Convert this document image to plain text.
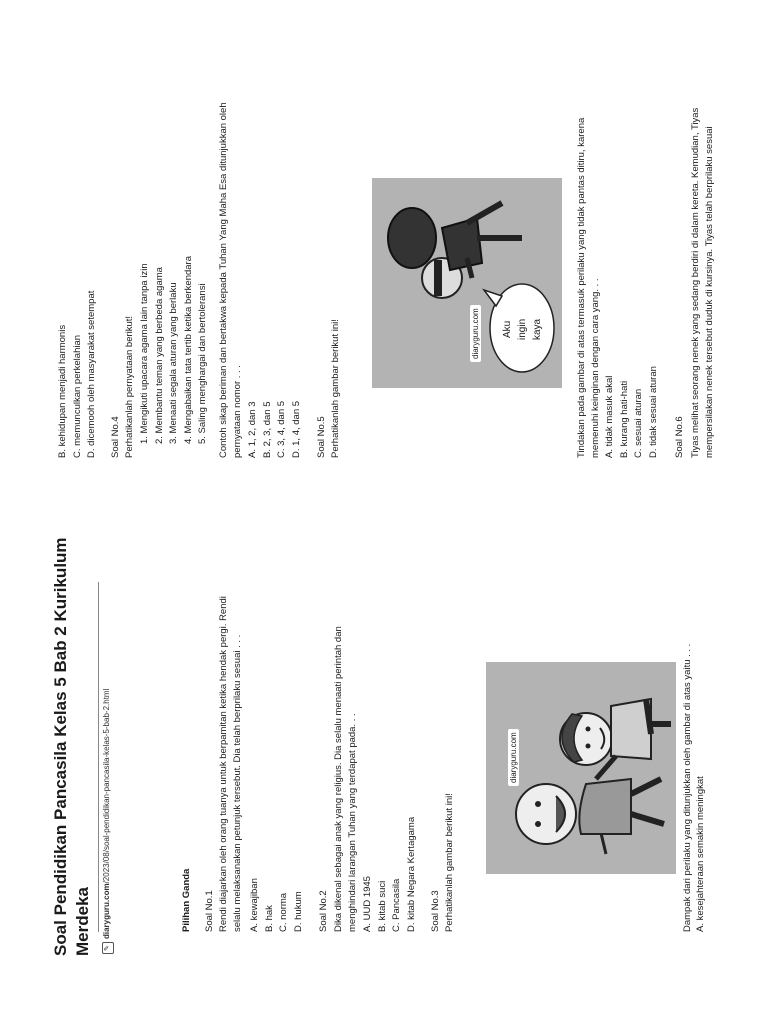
Soal Pendidikan Pancasila Kelas 5 Bab 2 Kurikulum Merdeka ✎diaryguru.com/2023/08/soal-pendidikan-pancasila-kelas-5-bab-2.html
Pilihan Ganda Soal No.1 Rendi diajarkan oleh orang tuanya untuk berpamitan ketika hendak pergi. Rendi selalu melaksanakan petunjuk tersebut. Dia telah berprilaku sesuai . . . A. kewajiban B. hak C. norma D. hukum Soal No.2 Dika dikenal sebagai anak yang religius. Dia selalu menaati perintah dan menghindari larangan Tuhan yang terdapat pada. . . A. UUD 1945 B. kitab suci C. Pancasila D. kitab Negara Kertagama Soal No.3 Perhatikanlah gambar berikut ini!
diaryguru.com	Dampak dari perilaku yang ditunjukkan oleh gambar di atas yaitu . . . A. kesejahteraan semakin meningkat
B. kehidupan menjadi harmonis C. memunculkan perkelahian D. dicemooh oleh masyarakat setempat Soal No.4 Perhatikanlah pernyataan berikut! 1. Mengikuti upacara agama lain tanpa izin 2. Membantu teman yang berbeda agama 3. Menaati segala aturan yang berlaku 4. Mengabaikan tata tertib ketika berkendara 5. Saling menghargai dan bertoleransi Contoh sikap beriman dan bertakwa kepada Tuhan Yang Maha Esa ditunjukkan oleh pernyataan nomor . . . A. 1, 2, dan 3 B. 2, 3, dan 5 C. 3, 4, dan 5 D. 1, 4, dan 5 Soal No.5 Perhatikanlah gambar berikut ini!	diaryguru.com Aku ingin kaya	Tindakan pada gambar di atas termasuk perilaku yang tidak pantas ditiru, karena memenuhi keinginan dengan cara yang. . . A. tidak masuk akal B. kurang hati-hati C. sesuai aturan D. tidak sesuai aturan Soal No.6 Tiyas melihat seorang nenek yang sedang berdiri di dalam kereta. Kemudian, Tiyas mempersilakan nenek tersebut duduk di kursinya. Tiyas telah berprilaku sesuai
